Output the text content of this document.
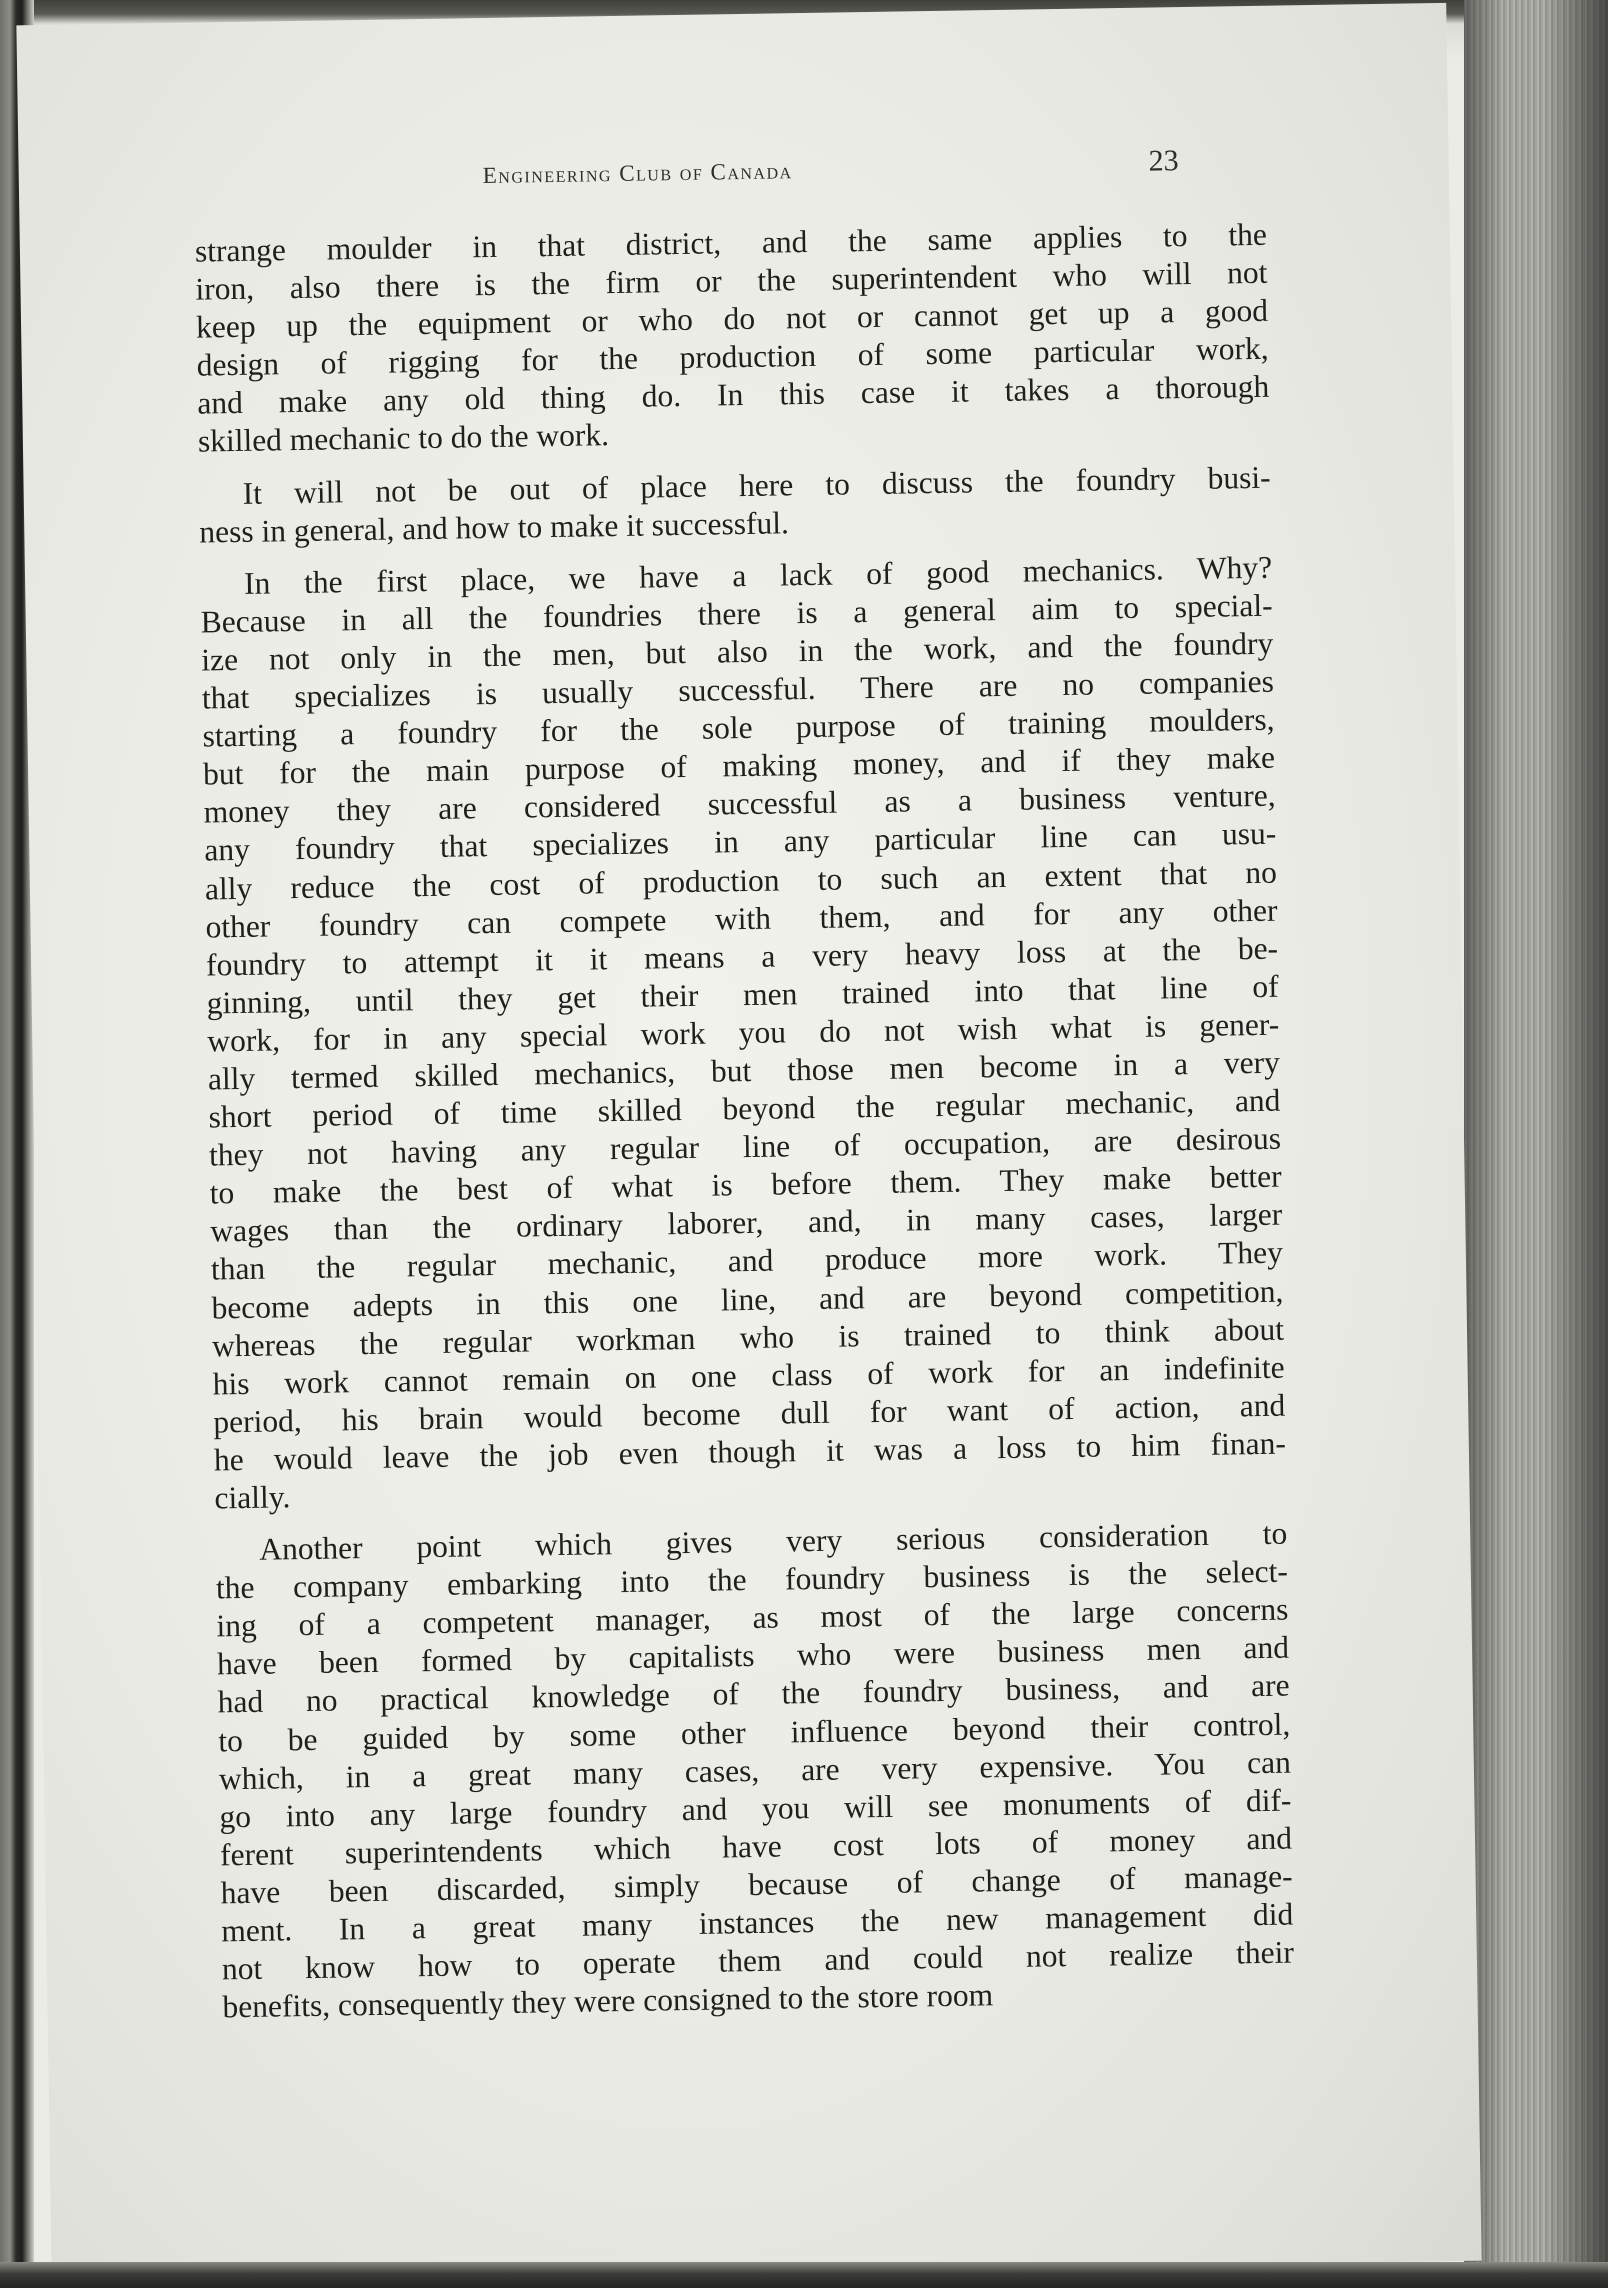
Engineering Club of Canada	23
strange moulder in that district, and the same applies to the
iron, also there is the firm or the superintendent who will not
keep up the equipment or who do not or cannot get up a good
design of rigging for the production of some particular work,
and make any old thing do. In this case it takes a thorough
skilled mechanic to do the work.
It will not be out of place here to discuss the foundry busi-
ness in general, and how to make it successful.
In the first place, we have a lack of good mechanics. Why?
Because in all the foundries there is a general aim to special-
ize not only in the men, but also in the work, and the foundry
that specializes is usually successful. There are no companies
starting a foundry for the sole purpose of training moulders,
but for the main purpose of making money, and if they make
money they are considered successful as a business venture,
any foundry that specializes in any particular line can usu-
ally reduce the cost of production to such an extent that no
other foundry can compete with them, and for any other
foundry to attempt it it means a very heavy loss at the be-
ginning, until they get their men trained into that line of
work, for in any special work you do not wish what is gener-
ally termed skilled mechanics, but those men become in a very
short period of time skilled beyond the regular mechanic, and
they not having any regular line of occupation, are desirous
to make the best of what is before them. They make better
wages than the ordinary laborer, and, in many cases, larger
than the regular mechanic, and produce more work. They
become adepts in this one line, and are beyond competition,
whereas the regular workman who is trained to think about
his work cannot remain on one class of work for an indefinite
period, his brain would become dull for want of action, and
he would leave the job even though it was a loss to him finan-
cially.
Another point which gives very serious consideration to
the company embarking into the foundry business is the select-
ing of a competent manager, as most of the large concerns
have been formed by capitalists who were business men and
had no practical knowledge of the foundry business, and are
to be guided by some other influence beyond their control,
which, in a great many cases, are very expensive. You can
go into any large foundry and you will see monuments of dif-
ferent superintendents which have cost lots of money and
have been discarded, simply because of change of manage-
ment. In a great many instances the new management did
not know how to operate them and could not realize their
benefits, consequently they were consigned to the store room
